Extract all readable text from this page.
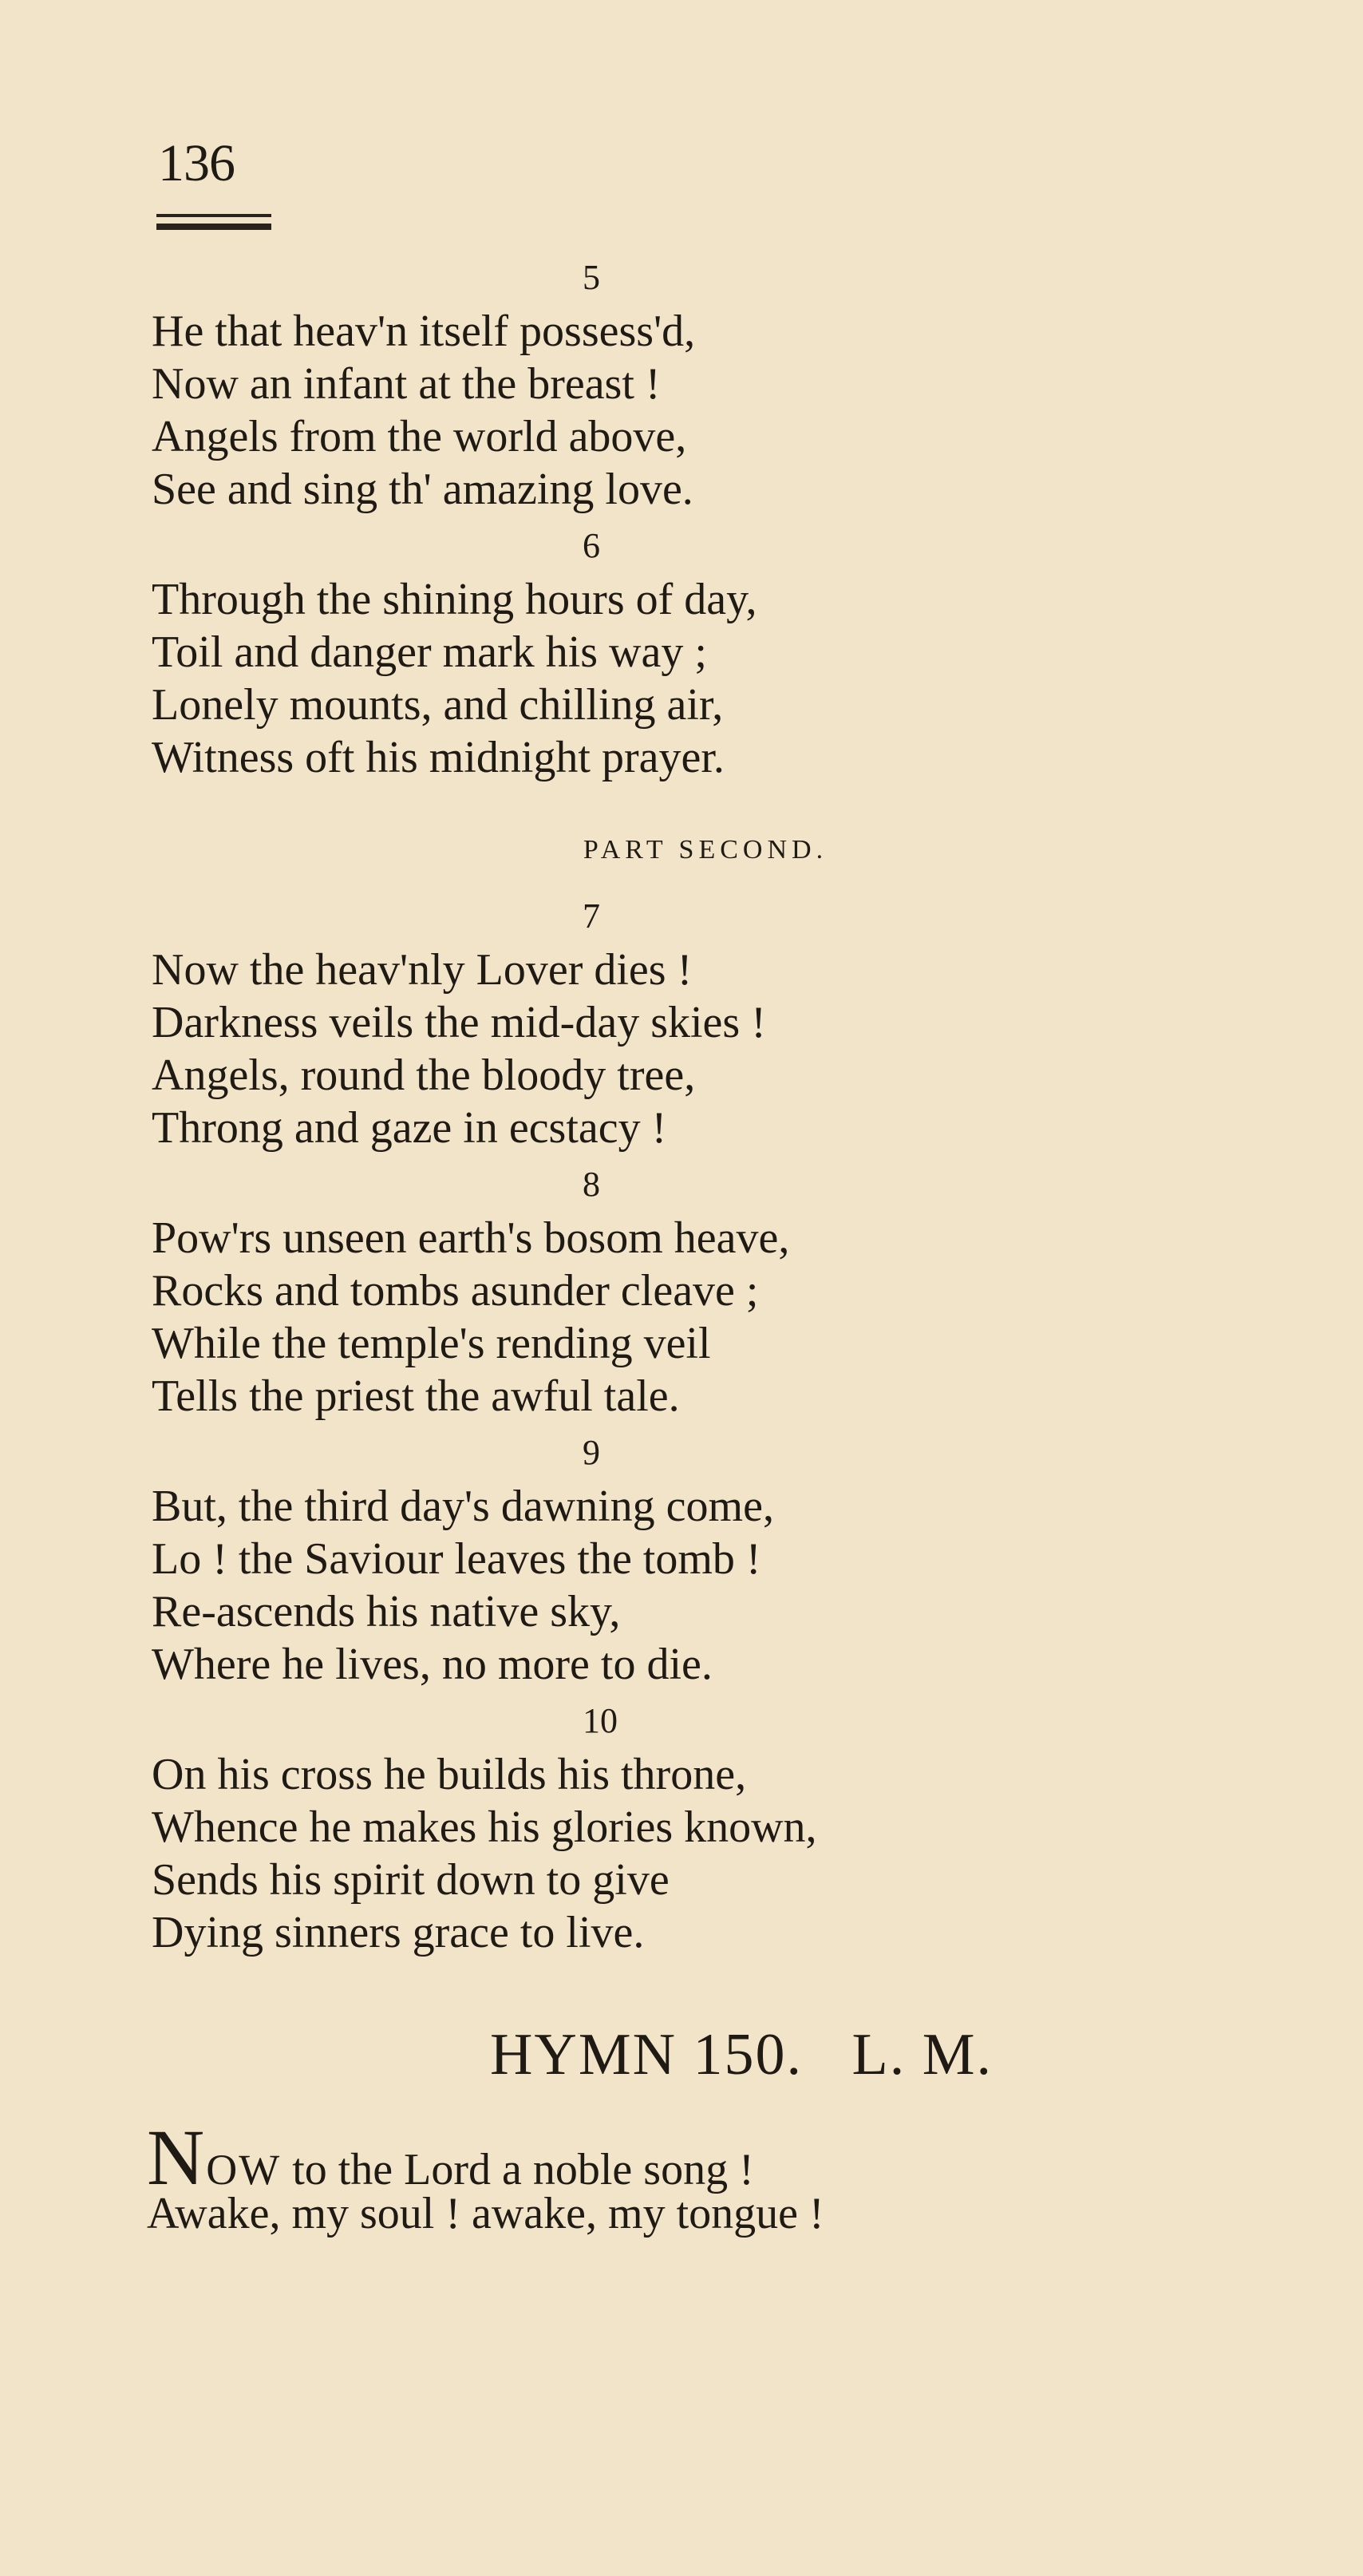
136
5
He that heav'n itself possess'd,
Now an infant at the breast !
Angels from the world above,
See and sing th' amazing love.
6
Through the shining hours of day,
Toil and danger mark his way ;
Lonely mounts, and chilling air,
Witness oft his midnight prayer.
PART SECOND.
7
Now the heav'nly Lover dies !
Darkness veils the mid-day skies !
Angels, round the bloody tree,
Throng and gaze in ecstacy !
8
Pow'rs unseen earth's bosom heave,
Rocks and tombs asunder cleave ;
While the temple's rending veil
Tells the priest the awful tale.
9
But, the third day's dawning come,
Lo ! the Saviour leaves the tomb !
Re-ascends his native sky,
Where he lives, no more to die.
10
On his cross he builds his throne,
Whence he makes his glories known,
Sends his spirit down to give
Dying sinners grace to live.
HYMN 150.   L. M.
NOW to the Lord a noble song !
Awake, my soul ! awake, my tongue !
